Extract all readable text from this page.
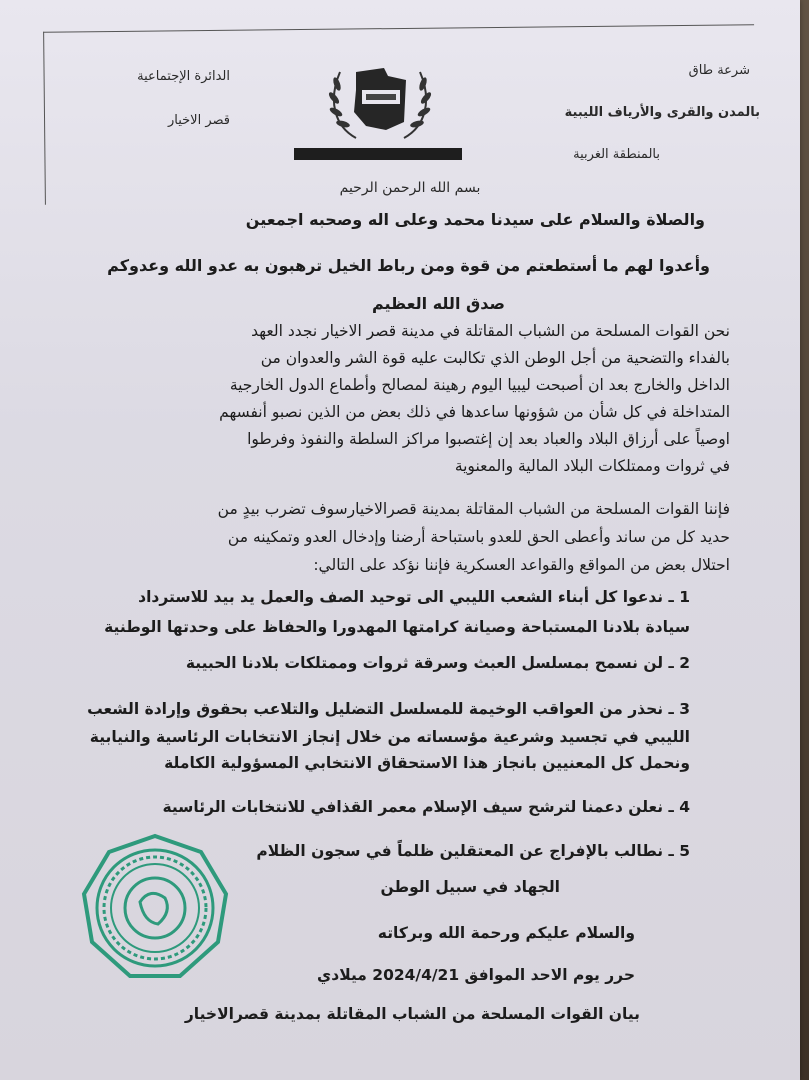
الدائرة الإجتماعية
قصر الاخيار
شرعة طاق
بالمدن والقرى والأرياف الليبية
بالمنطقة الغربية
بسم الله الرحمن الرحيم
والصلاة والسلام على سيدنا محمد وعلى اله وصحبه اجمعين
وأعدوا لهم ما أستطعتم من قوة ومن رباط الخيل ترهبون به عدو الله وعدوكم
صدق الله العظيم
نحن القوات المسلحة من الشباب المقاتلة في مدينة قصر الاخيار نجدد العهد
بالفداء والتضحية من أجل الوطن الذي تكالبت عليه قوة الشر والعدوان من
الداخل والخارج بعد ان أصبحت ليبيا اليوم رهينة لمصالح وأطماع الدول الخارجية
المتداخلة في كل شأن من شؤونها ساعدها في ذلك بعض من الذين نصبو أنفسهم
اوصياً على أرزاق البلاد والعباد بعد إن إغتصبوا مراكز السلطة والنفوذ وفرطوا
في ثروات وممتلكات البلاد المالية والمعنوية
فإننا القوات المسلحة من الشباب المقاتلة بمدينة قصرالاخيارسوف تضرب بيدٍ من
حديد كل من ساند وأعطى الحق للعدو باستباحة أرضنا وإدخال العدو وتمكينه من
احتلال بعض من المواقع والقواعد العسكرية فإننا نؤكد على التالي:
1 ـ ندعوا كل أبناء الشعب الليبي الى توحيد الصف والعمل يد بيد للاسترداد
سيادة بلادنا المستباحة وصيانة كرامتها المهدورا والحفاظ على وحدتها الوطنية
2 ـ لن نسمح بمسلسل العبث وسرقة ثروات وممتلكات بلادنا الحبيبة
3 ـ نحذر من العواقب الوخيمة للمسلسل التضليل والتلاعب بحقوق وإرادة الشعب
الليبي في تجسيد وشرعية مؤسساته من خلال إنجاز الانتخابات الرئاسية والنيابية
ونحمل كل المعنيين بانجاز هذا الاستحقاق الانتخابي المسؤولية الكاملة
4 ـ نعلن دعمنا لترشح سيف الإسلام معمر القذافي للانتخابات الرئاسية
5 ـ نطالب بالإفراج عن المعتقلين ظلماً في سجون الظلام
الجهاد في سبيل الوطن
والسلام عليكم ورحمة الله وبركاته
حرر يوم الاحد الموافق 2024/4/21 ميلادي
بيان القوات المسلحة من الشباب المقاتلة بمدينة قصرالاخيار
